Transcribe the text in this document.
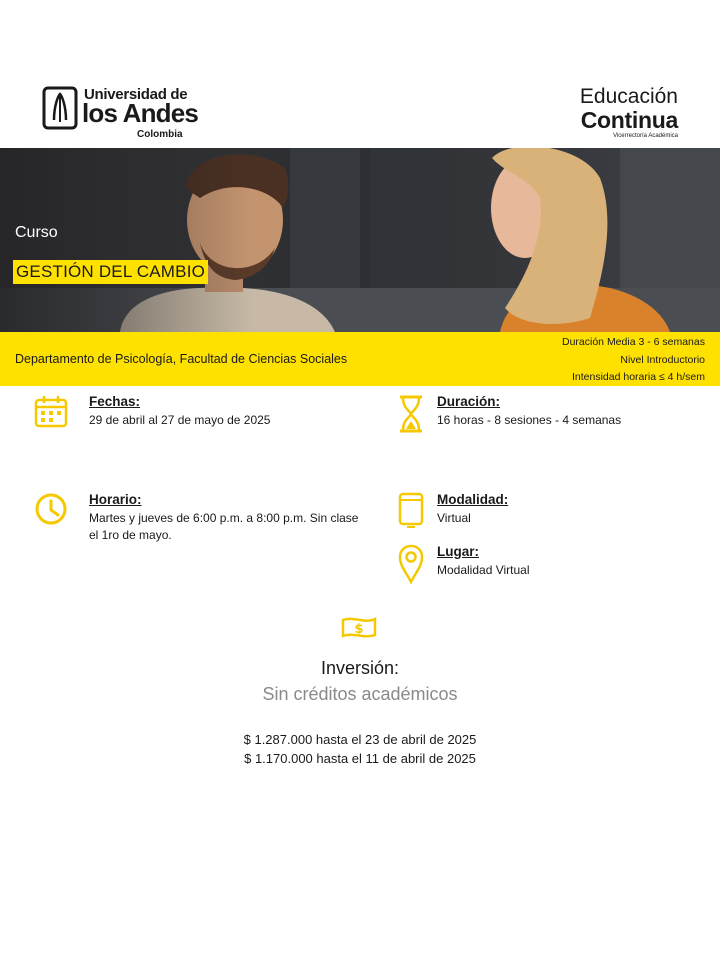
Universidad de
los Andes
Colombia
Educación
Continua
Vicerrectoría Académica
Curso
GESTIÓN DEL CAMBIO
Departamento de Psicología, Facultad de Ciencias Sociales
Duración Media 3 - 6 semanas
Nivel Introductorio
Intensidad horaria ≤ 4 h/sem
Fechas:
29 de abril al 27 de mayo de 2025
Duración:
16 horas - 8 sesiones - 4 semanas
Horario:
Martes y jueves de 6:00 p.m. a 8:00 p.m. Sin clase el 1ro de mayo.
Modalidad:
Virtual
Lugar:
Modalidad Virtual
$
Inversión:
Sin créditos académicos
$ 1.287.000 hasta el 23 de abril de 2025
$ 1.170.000 hasta el 11 de abril de 2025
